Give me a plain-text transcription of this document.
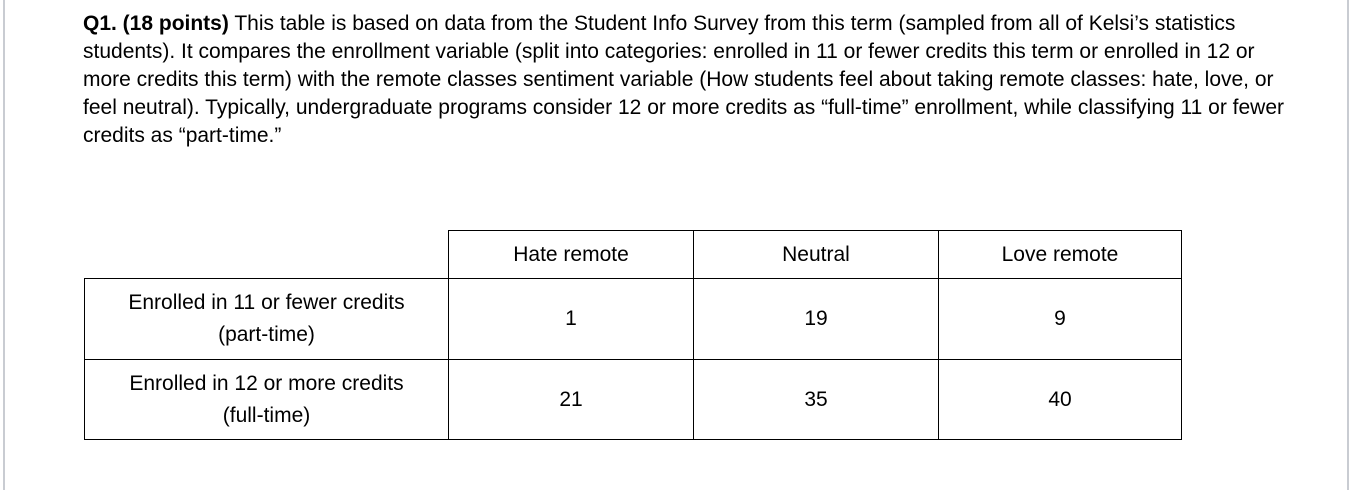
Q1. (18 points) This table is based on data from the Student Info Survey from this term (sampled from all of Kelsi’s statistics students). It compares the enrollment variable (split into categories: enrolled in 11 or fewer credits this term or enrolled in 12 or more credits this term) with the remote classes sentiment variable (How students feel about taking remote classes: hate, love, or feel neutral). Typically, undergraduate programs consider 12 or more credits as “full-time” enrollment, while classifying 11 or fewer credits as “part-time.”
Hate remote	Neutral	Love remote
Enrolled in 11 or fewer credits
(part-time)
1	19	9
Enrolled in 12 or more credits
(full-time)
21	35	40
